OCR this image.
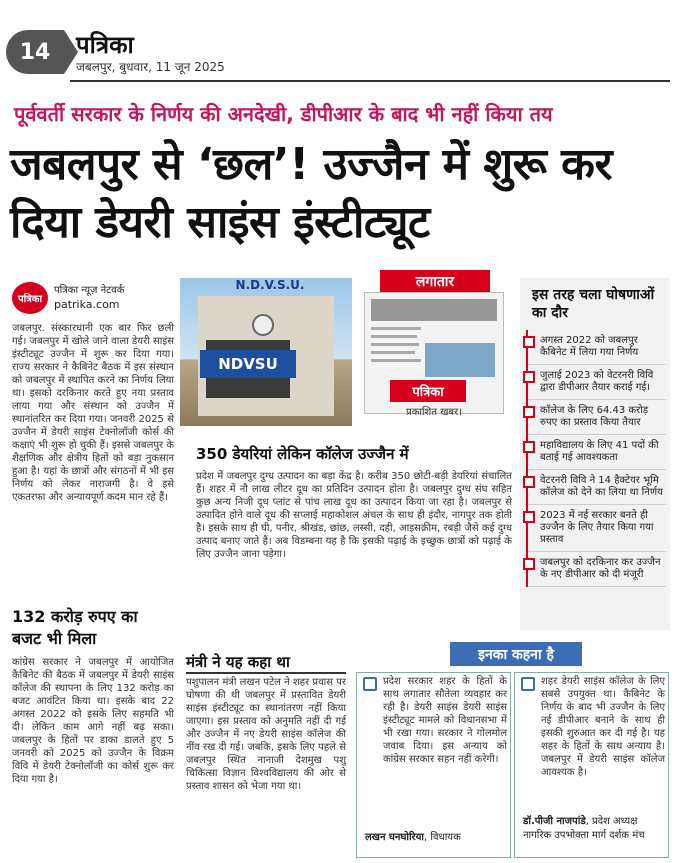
14	पत्रिका
जबलपुर, बुधवार, 11 जून 2025
पूर्ववर्ती सरकार के निर्णय की अनदेखी, डीपीआर के बाद भी नहीं किया तय
जबलपुर से ‘छल’! उज्जैन में शुरू कर दिया डेयरी साइंस इंस्टीट्यूट
पत्रिका
पत्रिका न्यूज़ नेटवर्क
patrika.com
जबलपुर. संस्कारधानी एक बार फिर छली गई। जबलपुर में खोले जाने वाला डेयरी साइंस इंस्टीट्यूट उज्जैन में शुरू कर दिया गया। राज्य सरकार ने कैबिनेट बैठक में इस संस्थान को जबलपुर में स्थापित करने का निर्णय लिया था। इसको दरकिनार करते हुए नया प्रस्ताव लाया गया और संस्थान को उज्जैन में स्थानांतरित कर दिया गया। जनवरी 2025 से उज्जैन में डेयरी साइंस टेक्नोलॉजी कोर्स की कक्षाएं भी शुरू हो चुकी हैं। इससे जबलपुर के शैक्षणिक और क्षेत्रीय हितों को बड़ा नुकसान हुआ है। यहां के छात्रों और संगठनों में भी इस निर्णय को लेकर नाराजगी है। वे इसे एकतरफा और अन्यायपूर्ण कदम मान रहे हैं।
132 करोड़ रुपए का बजट भी मिला
कांग्रेस सरकार ने जबलपुर में आयोजित कैबिनेट की बैठक में जबलपुर में डेयरी साइंस कॉलेज की स्थापना के लिए 132 करोड़ का बजट आवंटित किया था। इसके बाद 22 अगस्त 2022 को इसके लिए सहमति भी दी। लेकिन काम आगे नहीं बढ़ सका। जबलपुर के हितों पर डाका डालते हुए 5 जनवरी को 2025 को उज्जैन के विक्रम विवि में डेयरी टेक्नोलॉजी का कोर्स शुरू कर दिया गया है।
N.D.V.S.U.
NDVSU
लगातार
पत्रिका
प्रकाशित खबर।
350 डेयरियां लेकिन कॉलेज उज्जैन में
प्रदेश में जबलपुर दुग्ध उत्पादन का बड़ा केंद्र है। करीब 350 छोटी-बड़ी डेयरियां संचालित हैं। शहर में नौ लाख लीटर दूध का प्रतिदिन उत्पादन होता है। जबलपुर दुग्ध संघ सहित कुछ अन्य निजी दूध प्लांट से पांच लाख दूध का उत्पादन किया जा रहा है। जबलपुर से उत्पादित होने वाले दूध की सप्लाई महाकोशल अंचल के साथ ही इंदौर, नागपुर तक होती है। इसके साथ ही घी, पनीर, श्रीखंड, छांछ, लस्सी, दही, आइसक्रीम, रबड़ी जैसे कई दुग्ध उत्पाद बनाए जाते हैं। अब विडम्बना यह है कि इसकी पढ़ाई के इच्छुक छात्रों को पढ़ाई के लिए उज्जैन जाना पड़ेगा।
इस तरह चला घोषणाओं का दौर
अगस्त 2022 को जबलपुर कैबिनेट में लिया गया निर्णय
जुलाई 2023 को वेटरनरी विवि द्वारा डीपीआर तैयार कराई गई।
कॉलेज के लिए 64.43 करोड़ रुपए का प्रस्ताव किया तैयार
महाविद्यालय के लिए 41 पदों की बताई गई आवश्यकता
वेटरनरी विवि ने 14 हैक्टेयर भूमि कॉलेज को देने का लिया था निर्णय
2023 में नई सरकार बनते ही उज्जैन के लिए तैयार किया गया प्रस्ताव
जबलपुर को दरकिनार कर उज्जैन के नए डीपीआर को दी मंजूरी
मंत्री ने यह कहा था
पशुपालन मंत्री लखन पटेल ने शहर प्रवास पर घोषणा की थी जबलपुर में प्रस्तावित डेयरी साइंस इंस्टीट्यूट का स्थानांतरण नहीं किया जाएगा। इस प्रस्ताव को अनुमति नहीं दी गई और उज्जैन में नए डेयरी साइंस कॉलेज की नींव रख दी गई। जबकि, इसके लिए पहले से जबलपुर स्थित नानाजी देशमुख पशु चिकित्सा विज्ञान विश्वविद्यालय की ओर से प्रस्ताव शासन को भेजा गया था।
इनका कहना है
प्रदेश सरकार शहर के हितों के साथ लगातार सौतेला व्यवहार कर रही है। डेयरी साइंस डेयरी साइंस इंस्टीट्यूट मामले को विधानसभा में भी रखा गया। सरकार ने गोलमोल जवाब दिया। इस अन्याय को कांग्रेस सरकार सहन नहीं करेगी।
लखन घनघोरिया, विधायक
शहर डेयरी साइंस कॉलेज के लिए सबसे उपयुक्त था। कैबिनेट के निर्णय के बाद भी उज्जैन के लिए नई डीपीआर बनाने के साथ ही इसकी शुरुआत कर दी गई है। यह शहर के हितों के साथ अन्याय है। जबलपुर में डेयरी साइंस कॉलेज आवश्यक है।
डॉ.पीजी नाजपांडे, प्रदेश अध्यक्ष नागरिक उपभोक्ता मार्ग दर्शक मंच
